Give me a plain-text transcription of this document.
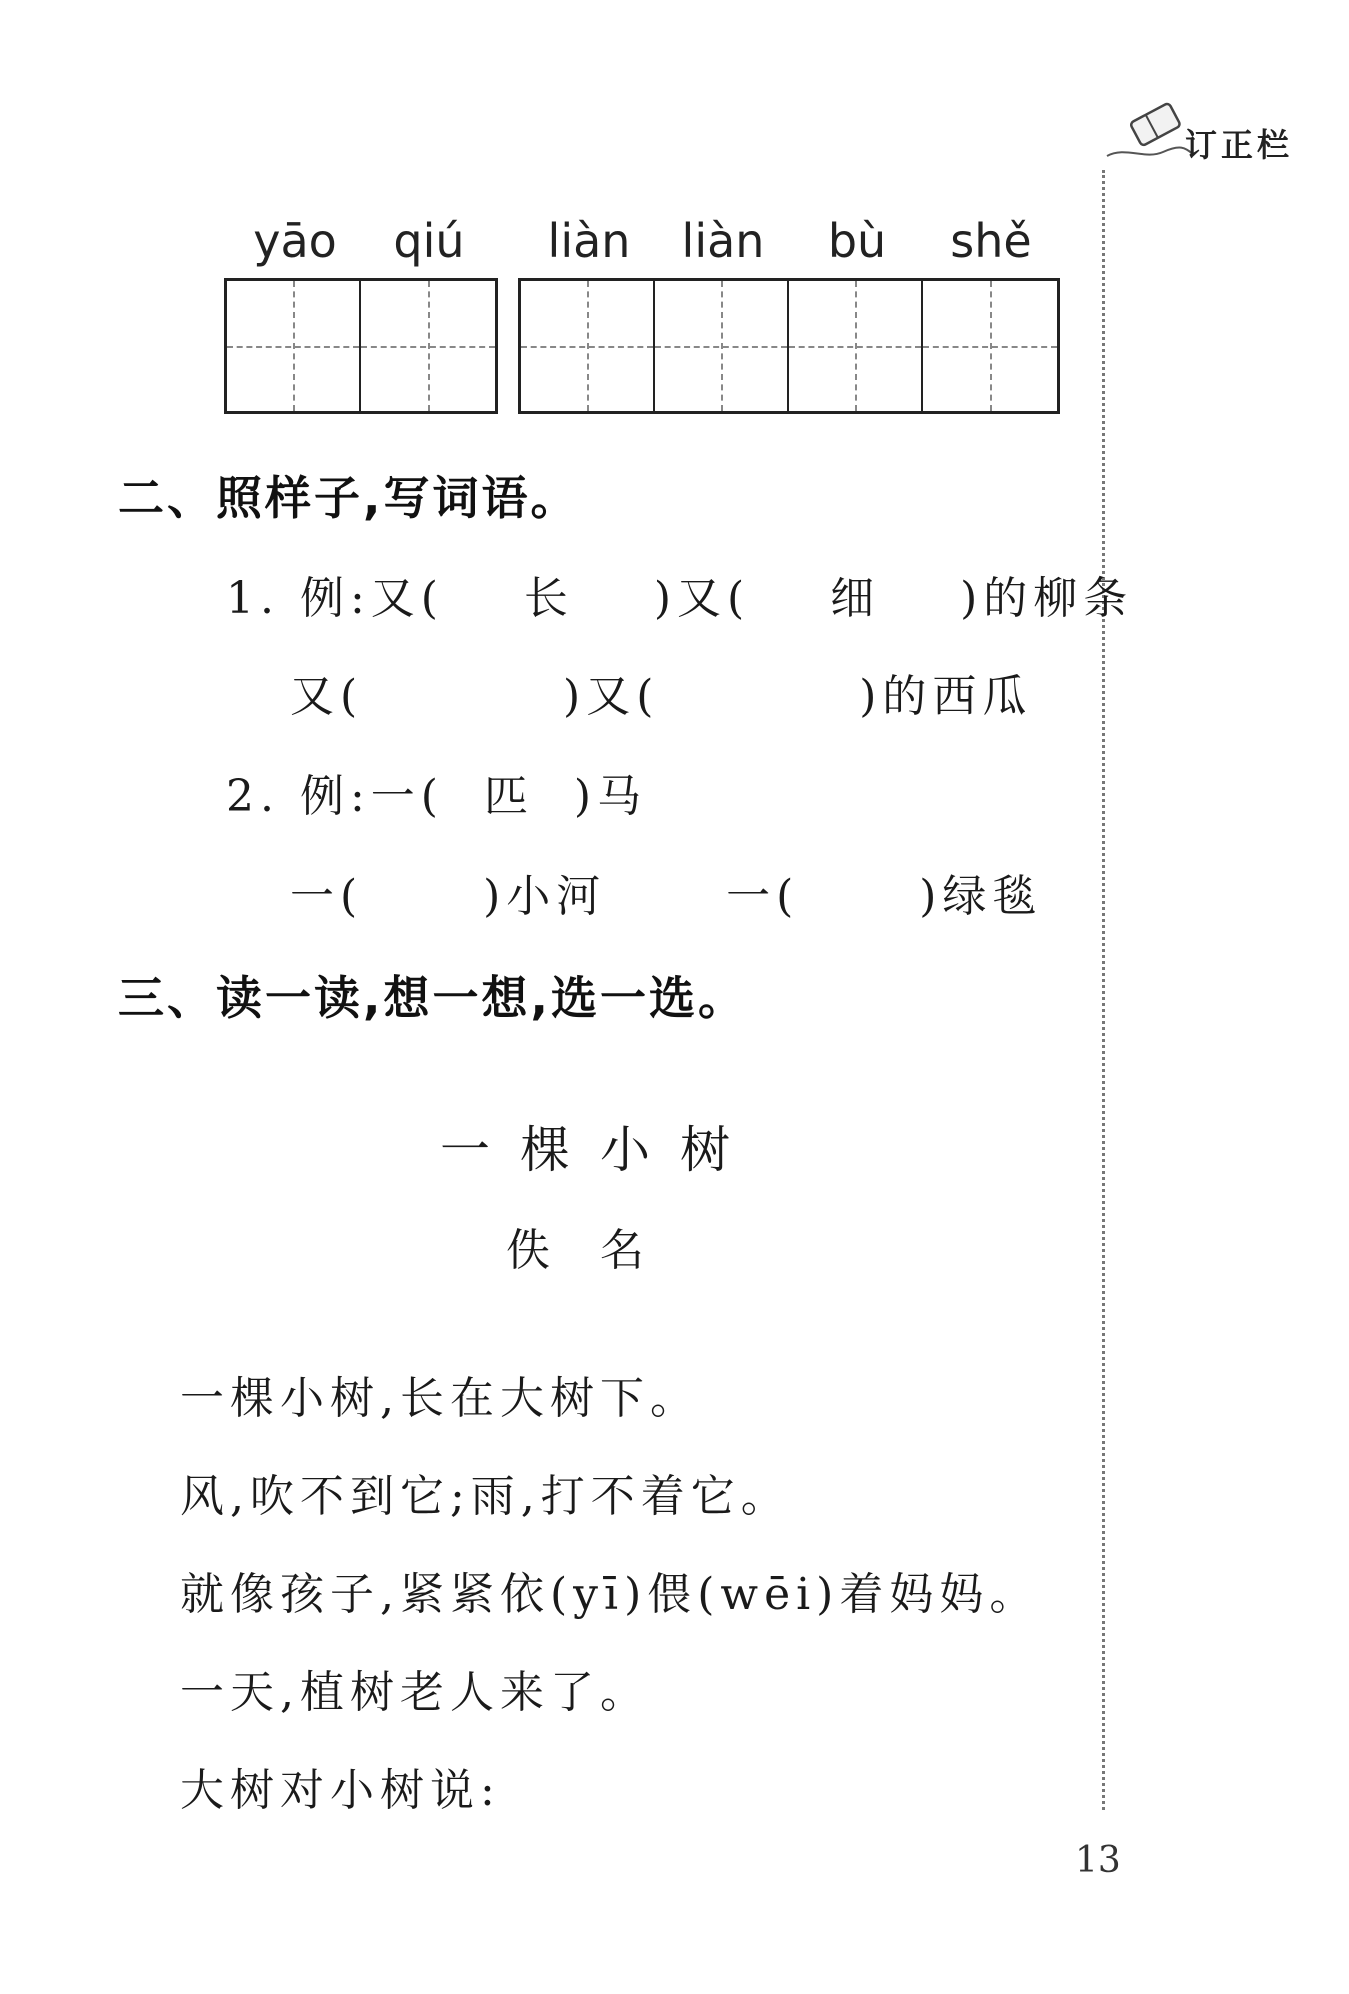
订正栏
yāo	qiú	liàn	liàn	bù	shě
二、照样子,写词语。
1. 例:又(    长    )又(    细    )的柳条
又(          )又(          )的西瓜
2. 例:一(  匹  )马
一(      )小河      一(      )绿毯
三、读一读,想一想,选一选。
一棵小树
佚名
一棵小树,长在大树下。
风,吹不到它;雨,打不着它。
就像孩子,紧紧依(yī)偎(wēi)着妈妈。
一天,植树老人来了。
大树对小树说:
13
